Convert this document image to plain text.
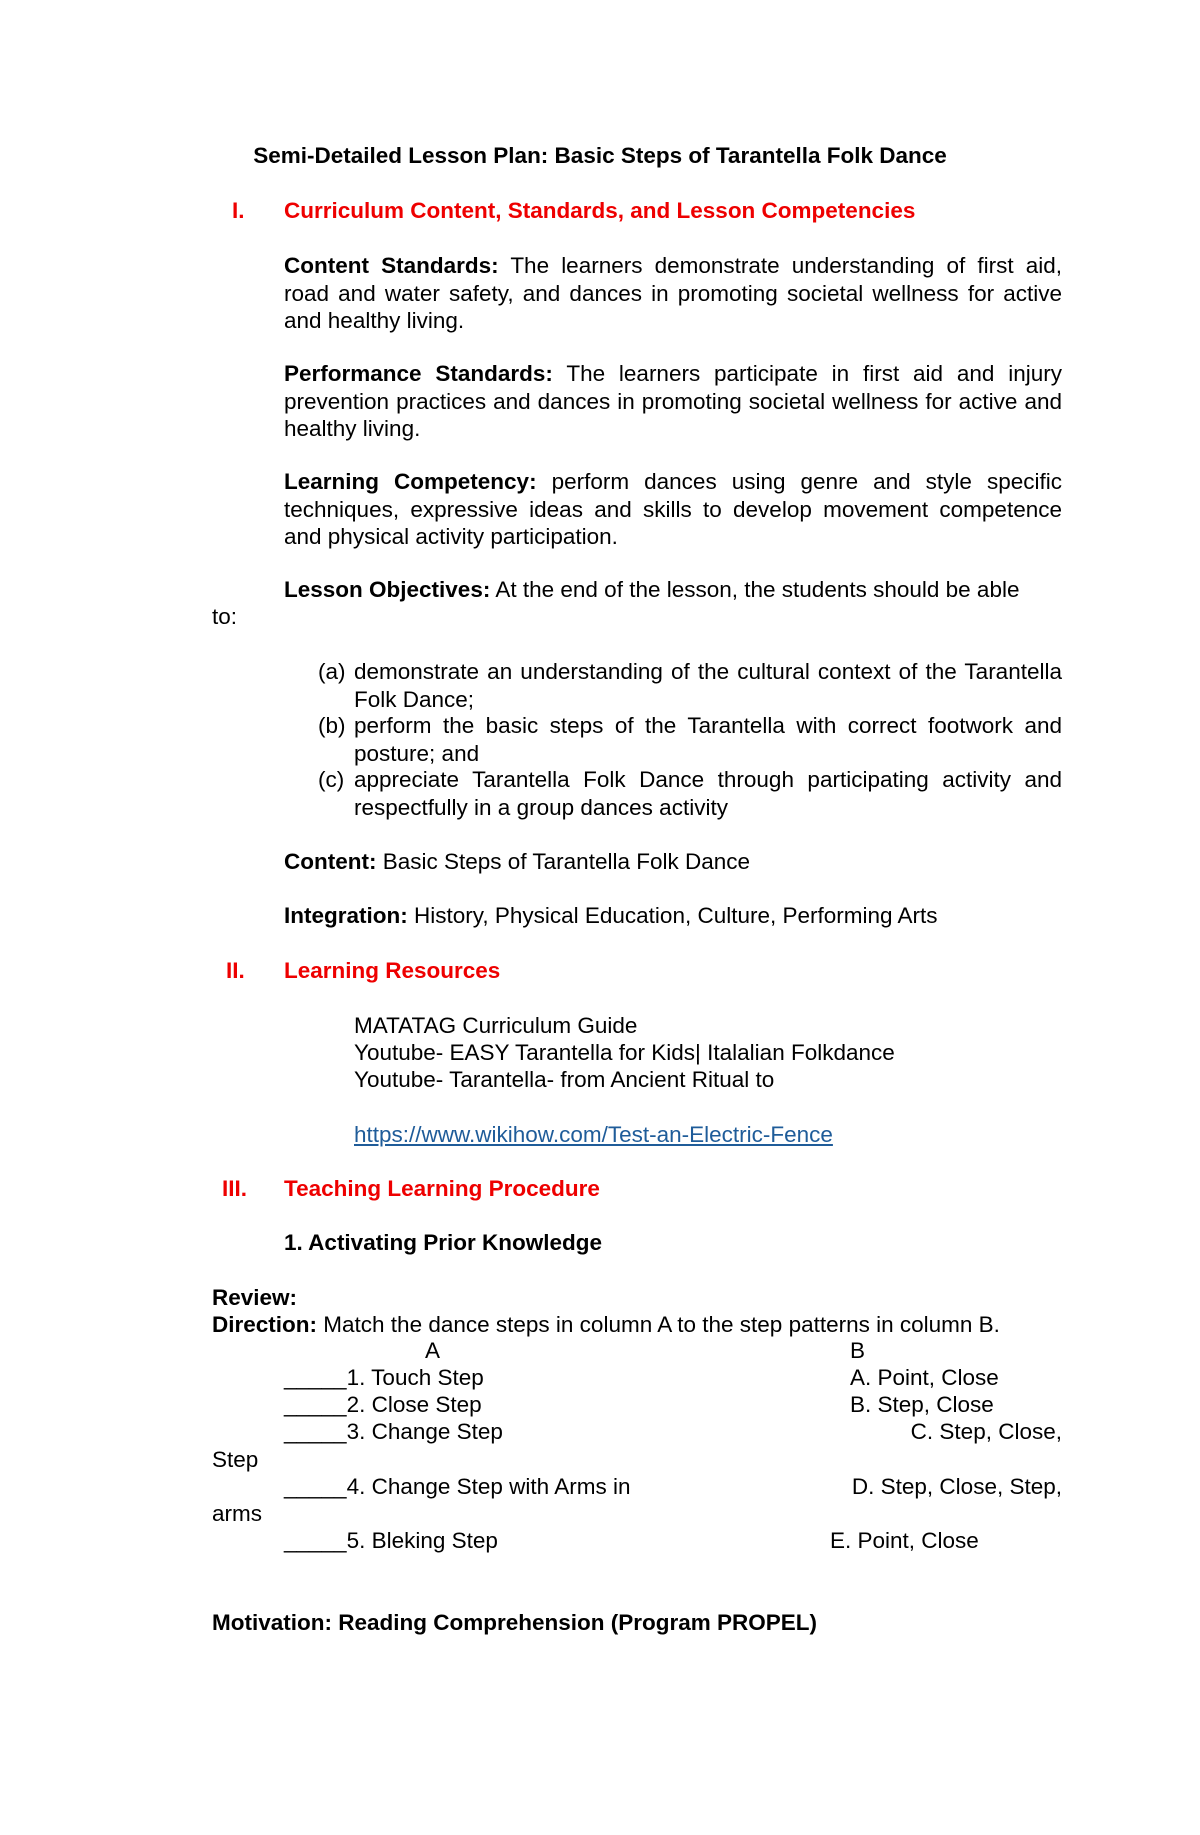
Semi-Detailed Lesson Plan: Basic Steps of Tarantella Folk Dance
I. Curriculum Content, Standards, and Lesson Competencies
Content Standards: The learners demonstrate understanding of first aid, road and water safety, and dances in promoting societal wellness for active and healthy living.
Performance Standards: The learners participate in first aid and injury prevention practices and dances in promoting societal wellness for active and healthy living.
Learning Competency: perform dances using genre and style specific techniques, expressive ideas and skills to develop movement competence and physical activity participation.
Lesson Objectives: At the end of the lesson, the students should be able
to:
(a) demonstrate an understanding of the cultural context of the Tarantella Folk Dance;
(b) perform the basic steps of the Tarantella with correct footwork and posture; and
(c) appreciate Tarantella Folk Dance through participating activity and respectfully in a group dances activity
Content: Basic Steps of Tarantella Folk Dance
Integration: History, Physical Education, Culture, Performing Arts
II. Learning Resources
MATATAG Curriculum Guide
Youtube- EASY Tarantella for Kids| Italalian Folkdance
Youtube- Tarantella- from Ancient Ritual to
https://www.wikihow.com/Test-an-Electric-Fence
III. Teaching Learning Procedure
1. Activating Prior Knowledge
Review:
Direction: Match the dance steps in column A to the step patterns in column B.
A	B
_____1. Touch Step	A. Point, Close
_____2. Close Step	B. Step, Close
_____3. Change Step	C. Step, Close,
Step
_____4. Change Step with Arms in	D. Step, Close, Step,
arms
_____5. Bleking Step	E. Point, Close
Motivation: Reading Comprehension (Program PROPEL)
